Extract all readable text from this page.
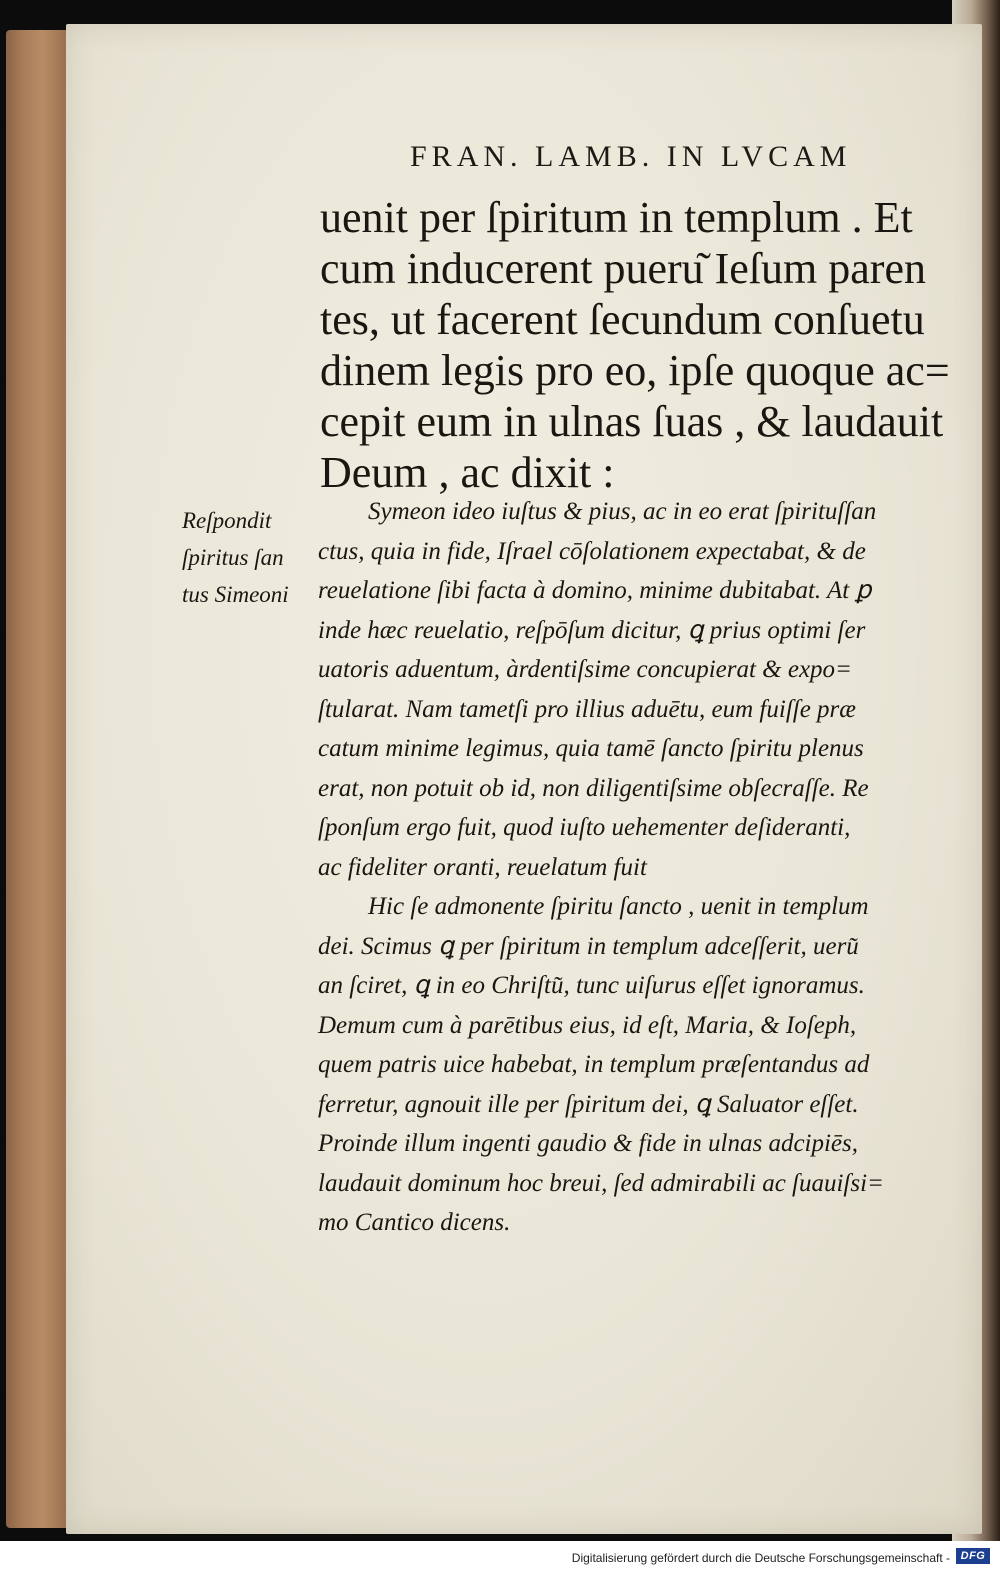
FRAN. LAMB. IN LVCAM
uenit per ſpiritum in templum . Et
cum inducerent pueru͂ Ieſum paren
tes, ut facerent ſecundum conſuetu
dinem legis pro eo, ipſe quoque ac=
cepit eum in ulnas ſuas , & laudauit
Deum , ac dixit :
Reſpondit
ſpiritus ſan
tus Simeoni
Symeon ideo iuſtus & pius, ac in eo erat ſpirituſſan
ctus, quia in fide, Iſrael cōſolationem expectabat, & de
reuelatione ſibi facta à domino, minime dubitabat. At ꝑ
inde hæc reuelatio, reſpōſum dicitur, ꝗ prius optimi ſer
uatoris aduentum, àrdentiſsime concupierat & expo=
ſtularat. Nam tametſi pro illius aduētu, eum fuiſſe præ
catum minime legimus, quia tamē ſancto ſpiritu plenus
erat, non potuit ob id, non diligentiſsime obſecraſſe. Re
ſponſum ergo fuit, quod iuſto uehementer deſideranti,
ac fideliter oranti, reuelatum fuit
Hic ſe admonente ſpiritu ſancto , uenit in templum
dei. Scimus ꝗ per ſpiritum in templum adceſſerit, ueru͂
an ſciret, ꝗ in eo Chriſtu͂, tunc uiſurus eſſet ignoramus.
Demum cum à parētibus eius, id eſt, Maria, & Ioſeph,
quem patris uice habebat, in templum præſentandus ad
ferretur, agnouit ille per ſpiritum dei, ꝗ Saluator eſſet.
Proinde illum ingenti gaudio & fide in ulnas adcipiēs,
laudauit dominum hoc breui, ſed admirabili ac ſuauiſsi=
mo Cantico dicens.
Digitalisierung gefördert durch die Deutsche Forschungsgemeinschaft - DFG
